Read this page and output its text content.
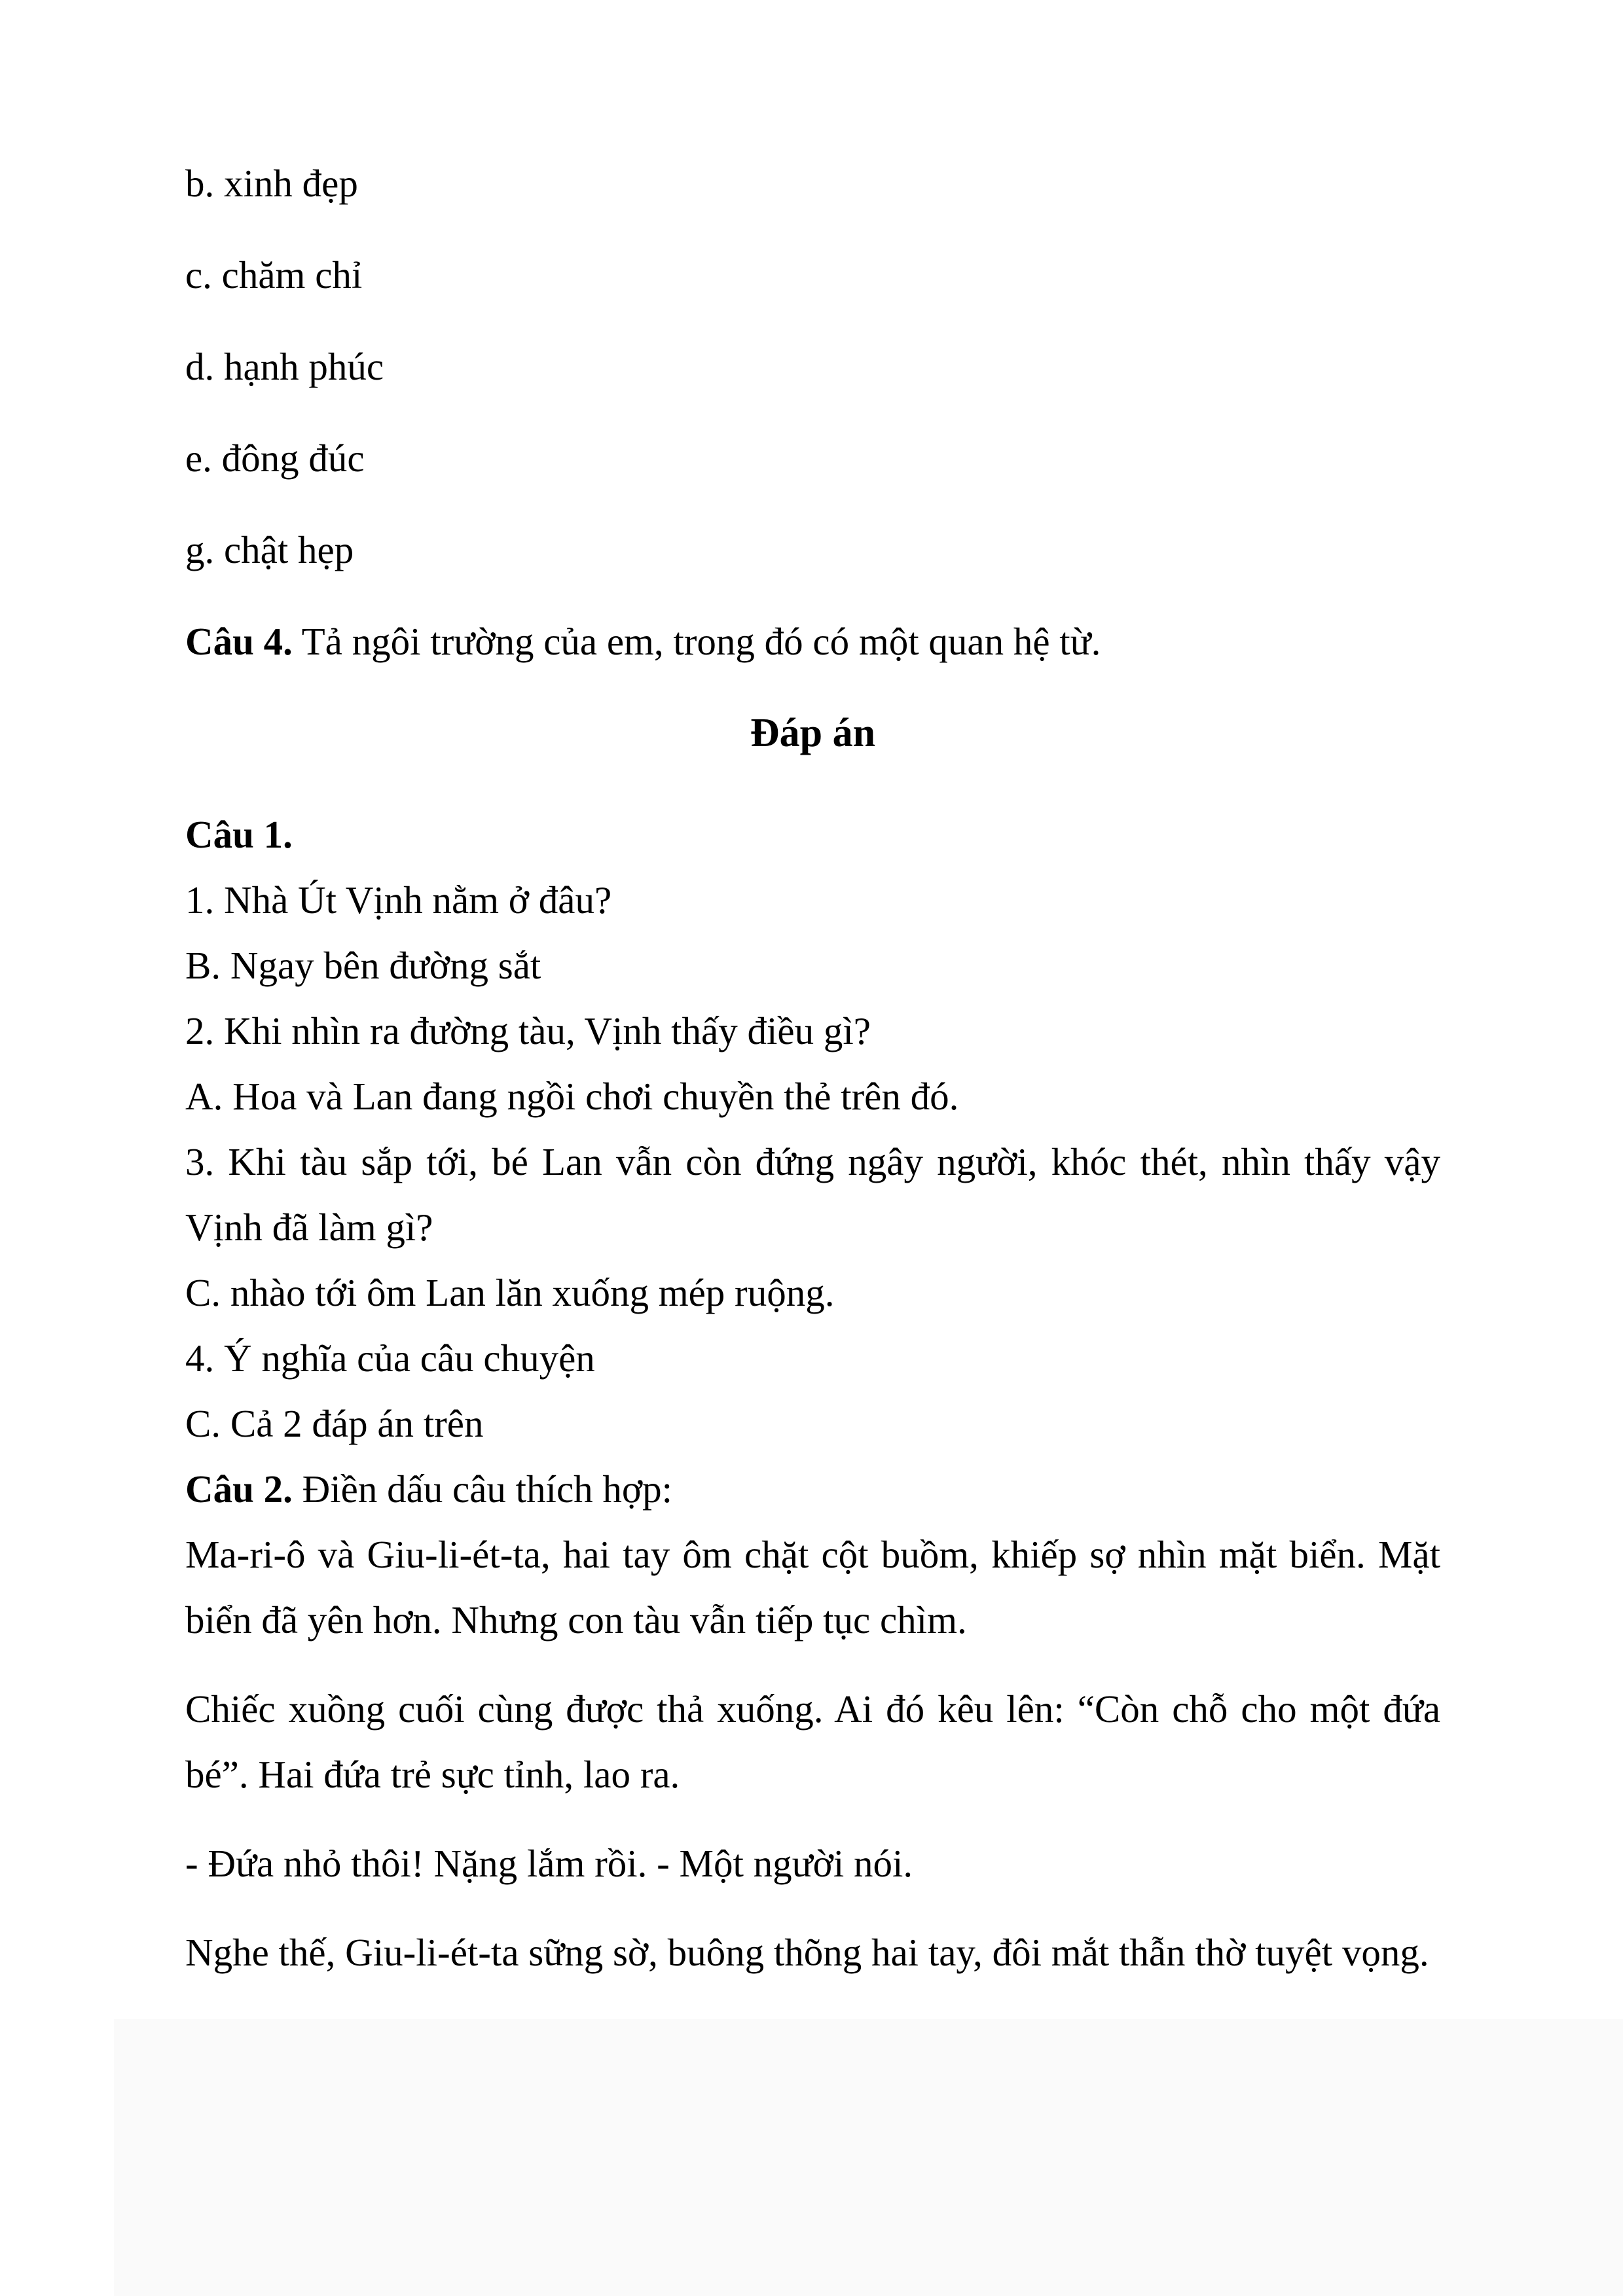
b. xinh đẹp

c. chăm chỉ

d. hạnh phúc

e. đông đúc

g. chật hẹp

Câu 4. Tả ngôi trường của em, trong đó có một quan hệ từ.

Đáp án

Câu 1.

1. Nhà Út Vịnh nằm ở đâu?

B. Ngay bên đường sắt

2. Khi nhìn ra đường tàu, Vịnh thấy điều gì?

A. Hoa và Lan đang ngồi chơi chuyền thẻ trên đó.

3. Khi tàu sắp tới, bé Lan vẫn còn đứng ngây người, khóc thét, nhìn thấy vậy Vịnh đã làm gì?

C. nhào tới ôm Lan lăn xuống mép ruộng.

4. Ý nghĩa của câu chuyện

C. Cả 2 đáp án trên

Câu 2. Điền dấu câu thích hợp:

Ma-ri-ô và Giu-li-ét-ta, hai tay ôm chặt cột buồm, khiếp sợ nhìn mặt biển. Mặt biển đã yên hơn. Nhưng con tàu vẫn tiếp tục chìm.

Chiếc xuồng cuối cùng được thả xuống. Ai đó kêu lên: “Còn chỗ cho một đứa bé”. Hai đứa trẻ sực tỉnh, lao ra.

- Đứa nhỏ thôi! Nặng lắm rồi. - Một người nói.

Nghe thế, Giu-li-ét-ta sững sờ, buông thõng hai tay, đôi mắt thẫn thờ tuyệt vọng.
